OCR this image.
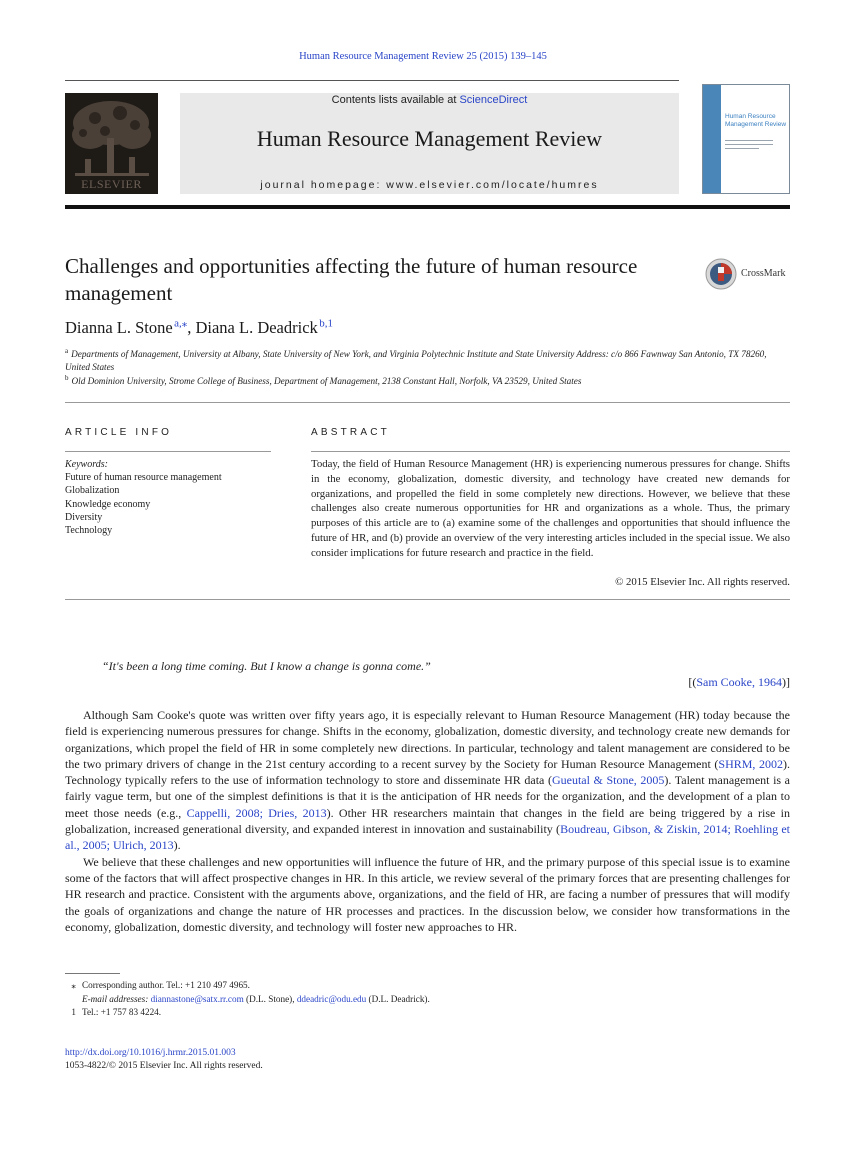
Human Resource Management Review 25 (2015) 139–145
ELSEVIER
Contents lists available at ScienceDirect
Human Resource Management Review
journal homepage: www.elsevier.com/locate/humres
Human Resource Management Review
Challenges and opportunities affecting the future of human resource management
CrossMark
Dianna L. Stone $^{a,⁎}$, Diana L. Deadrick $^{b,1}$
$^a$ Departments of Management, University at Albany, State University of New York, and Virginia Polytechnic Institute and State University Address: c/o 866 Fawnway San Antonio, TX 78260, United States
$^b$ Old Dominion University, Strome College of Business, Department of Management, 2138 Constant Hall, Norfolk, VA 23529, United States
ARTICLE INFO
Keywords:
Future of human resource management
Globalization
Knowledge economy
Diversity
Technology
ABSTRACT
Today, the field of Human Resource Management (HR) is experiencing numerous pressures for change. Shifts in the economy, globalization, domestic diversity, and technology have created new demands for organizations, and propelled the field in some completely new directions. However, we believe that these challenges also create numerous opportunities for HR and organizations as a whole. Thus, the primary purposes of this article are to (a) examine some of the challenges and opportunities that should influence the future of HR, and (b) provide an overview of the very interesting articles included in the special issue. We also consider implications for future research and practice in the field.
© 2015 Elsevier Inc. All rights reserved.
“It's been a long time coming. But I know a change is gonna come.”
[(Sam Cooke, 1964)]

Although Sam Cooke's quote was written over fifty years ago, it is especially relevant to Human Resource Management (HR) today because the field is experiencing numerous pressures for change. Shifts in the economy, globalization, domestic diversity, and technology create new demands for organizations, which propel the field of HR in some completely new directions. In particular, technology and talent management are considered to be the two primary drivers of change in the 21st century according to a recent survey by the Society for Human Resource Management (SHRM, 2002). Technology typically refers to the use of information technology to store and disseminate HR data (Gueutal & Stone, 2005). Talent management is a fairly vague term, but one of the simplest definitions is that it is the anticipation of HR needs for the organization, and the development of a plan to meet those needs (e.g., Cappelli, 2008; Dries, 2013). Other HR researchers maintain that changes in the field are being triggered by a rise in globalization, increased generational diversity, and expanded interest in innovation and sustainability (Boudreau, Gibson, & Ziskin, 2014; Roehling et al., 2005; Ulrich, 2013).

We believe that these challenges and new opportunities will influence the future of HR, and the primary purpose of this special issue is to examine some of the factors that will affect prospective changes in HR. In this article, we review several of the primary forces that are presenting challenges for HR research and practice. Consistent with the arguments above, organizations, and the field of HR, are facing a number of pressures that will modify the goals of organizations and change the nature of HR processes and practices. In the discussion below, we consider how transformations in the economy, globalization, domestic diversity, and technology will foster new approaches to HR.

⁎ Corresponding author. Tel.: +1 210 497 4965.
E-mail addresses: diannastone@satx.rr.com (D.L. Stone), ddeadric@odu.edu (D.L. Deadrick).
1 Tel.: +1 757 83 4224.
http://dx.doi.org/10.1016/j.hrmr.2015.01.003
1053-4822/© 2015 Elsevier Inc. All rights reserved.
